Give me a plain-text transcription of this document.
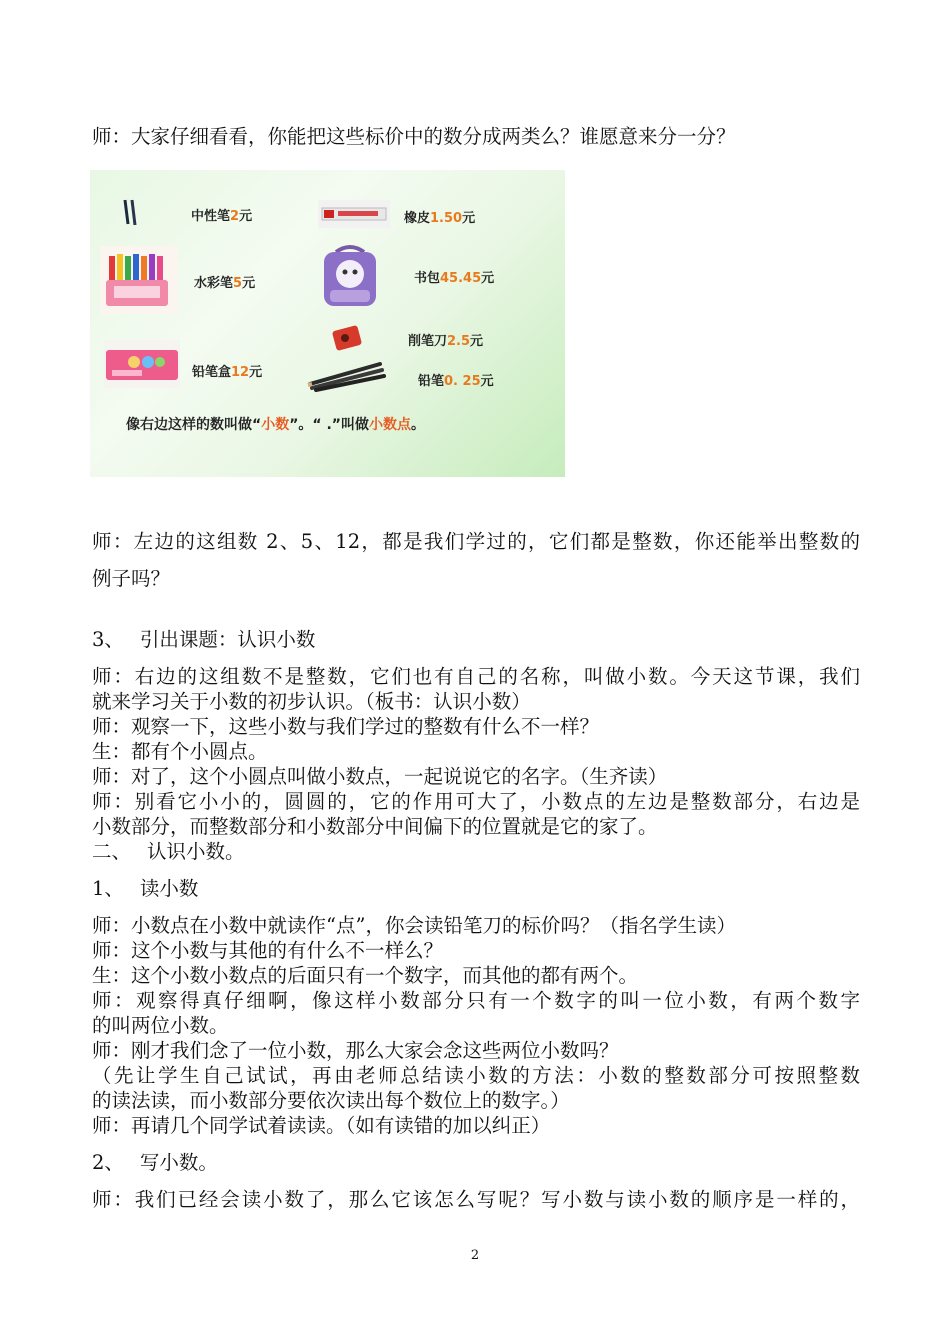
师：大家仔细看看，你能把这些标价中的数分成两类么？谁愿意来分一分？
中性笔2元	橡皮1.50元
水彩笔5元	书包45.45元
削笔刀2.5元
铅笔盒12元
铅笔0. 25元
像右边这样的数叫做“小数”。“ .”叫做小数点。
师：左边的这组数 2、5、12，都是我们学过的，它们都是整数，你还能举出整数的
例子吗？
3、　 引出课题：认识小数
师：右边的这组数不是整数，它们也有自己的名称，叫做小数。今天这节课，我们
就来学习关于小数的初步认识。（板书：认识小数）
师：观察一下，这些小数与我们学过的整数有什么不一样？
生：都有个小圆点。
师：对了，这个小圆点叫做小数点，一起说说它的名字。（生齐读）
师：别看它小小的，圆圆的，它的作用可大了，小数点的左边是整数部分，右边是
小数部分，而整数部分和小数部分中间偏下的位置就是它的家了。
二、　 认识小数。
1、　 读小数
师：小数点在小数中就读作“点”，你会读铅笔刀的标价吗？（指名学生读）
师：这个小数与其他的有什么不一样么？
生：这个小数小数点的后面只有一个数字，而其他的都有两个。
师：观察得真仔细啊，像这样小数部分只有一个数字的叫一位小数，有两个数字
的叫两位小数。
师：刚才我们念了一位小数，那么大家会念这些两位小数吗？
（先让学生自己试试，再由老师总结读小数的方法：小数的整数部分可按照整数
的读法读，而小数部分要依次读出每个数位上的数字。）
师：再请几个同学试着读读。（如有读错的加以纠正）
2、　 写小数。
师：我们已经会读小数了，那么它该怎么写呢？写小数与读小数的顺序是一样的，
2
